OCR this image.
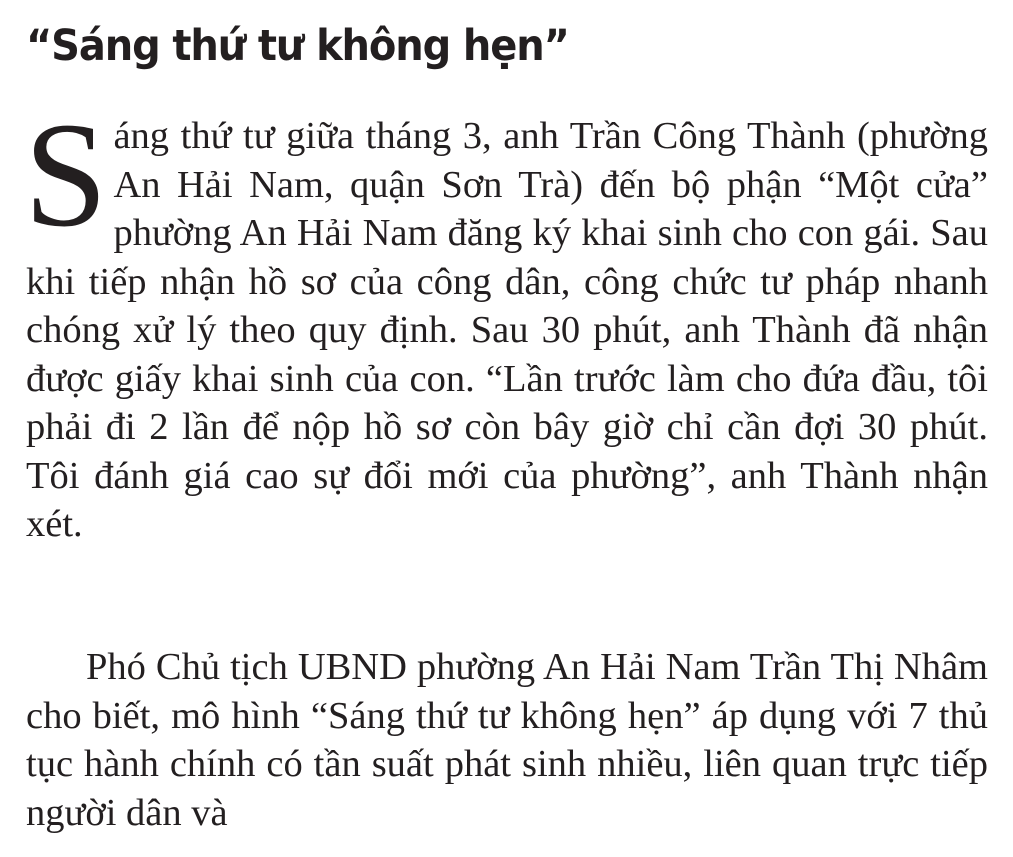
“Sáng thứ tư không hẹn”

Sáng thứ tư giữa tháng 3, anh Trần Công Thành (phường An Hải Nam, quận Sơn Trà) đến bộ phận “Một cửa” phường An Hải Nam đăng ký khai sinh cho con gái. Sau khi tiếp nhận hồ sơ của công dân, công chức tư pháp nhanh chóng xử lý theo quy định. Sau 30 phút, anh Thành đã nhận được giấy khai sinh của con. “Lần trước làm cho đứa đầu, tôi phải đi 2 lần để nộp hồ sơ còn bây giờ chỉ cần đợi 30 phút. Tôi đánh giá cao sự đổi mới của phường”, anh Thành nhận xét.

Phó Chủ tịch UBND phường An Hải Nam Trần Thị Nhâm cho biết, mô hình “Sáng thứ tư không hẹn” áp dụng với 7 thủ tục hành chính có tần suất phát sinh nhiều, liên quan trực tiếp người dân và
